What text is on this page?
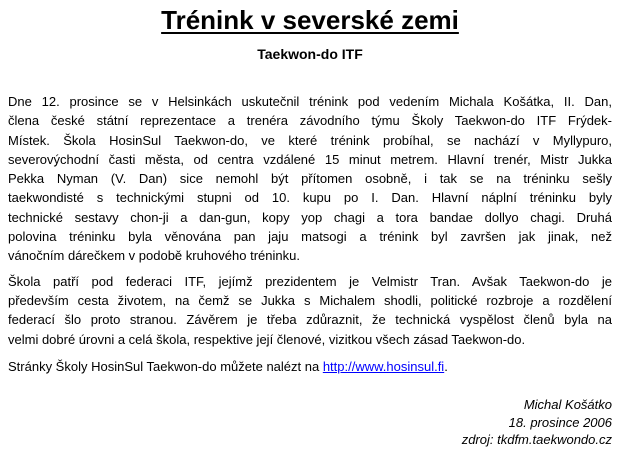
Trénink v severské zemi
Taekwon-do ITF
Dne 12. prosince se v Helsinkách uskutečnil trénink pod vedením Michala Košátka, II. Dan,
člena české státní reprezentace a trenéra závodního týmu Školy Taekwon-do ITF Frýdek-
Místek. Škola HosinSul Taekwon-do, ve které trénink probíhal, se nachází v Myllypuro,
severovýchodní časti města, od centra vzdálené 15 minut metrem. Hlavní trenér, Mistr Jukka
Pekka Nyman (V. Dan) sice nemohl být přítomen osobně, i tak se na tréninku sešly
taekwondisté s technickými stupni od 10. kupu po I. Dan. Hlavní náplní tréninku byly
technické sestavy chon-ji a dan-gun, kopy yop chagi a tora bandae dollyo chagi. Druhá
polovina tréninku byla věnována pan jaju matsogi a trénink byl završen jak jinak, než
vánočním dárečkem v podobě kruhového tréninku.
Škola patří pod federaci ITF, jejímž prezidentem je Velmistr Tran. Avšak Taekwon-do je
především cesta životem, na čemž se Jukka s Michalem shodli, politické rozbroje a rozdělení
federací šlo proto stranou. Závěrem je třeba zdůraznit, že technická vyspělost členů byla na
velmi dobré úrovni a celá škola, respektive její členové, vizitkou všech zásad Taekwon-do.
Stránky Školy HosinSul Taekwon-do můžete nalézt na http://www.hosinsul.fi.
Michal Košátko
18. prosince 2006
zdroj: tkdfm.taekwondo.cz
